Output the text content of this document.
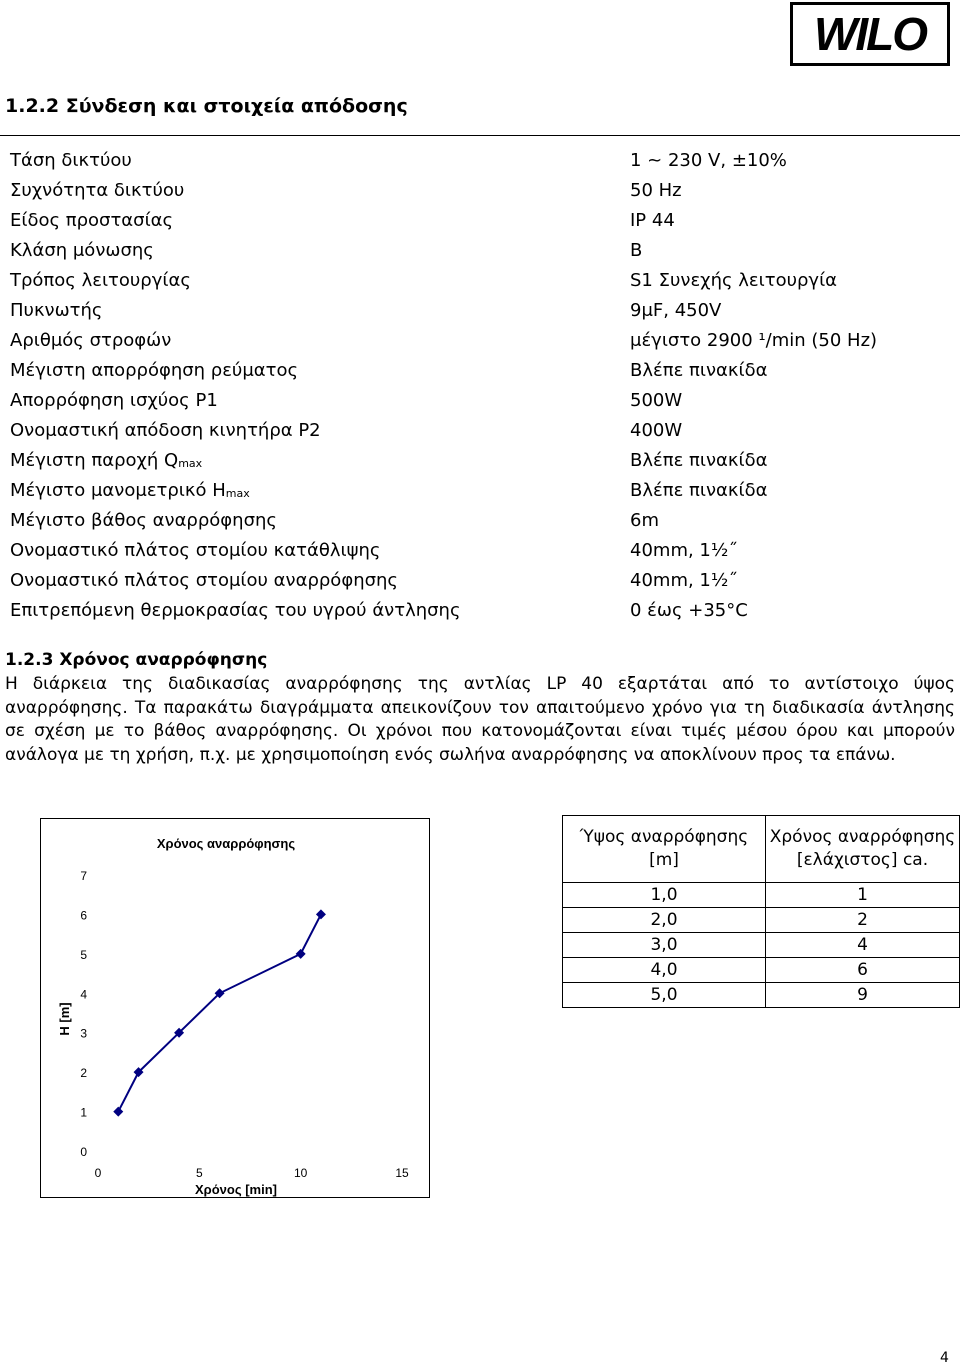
WILO
1.2.2 Σύνδεση και στοιχεία απόδοσης
Τάση δικτύου	1 ~ 230 V, ±10%
Συχνότητα δικτύου	50 Hz
Είδος προστασίας	IP 44
Κλάση μόνωσης	B
Τρόπος λειτουργίας	S1 Συνεχής λειτουργία
Πυκνωτής	9μF, 450V
Αριθμός στροφών	μέγιστο 2900 ¹/min (50 Hz)
Μέγιστη απορρόφηση ρεύματος	Βλέπε πινακίδα
Απορρόφηση ισχύος P1	500W
Ονομαστική απόδοση κινητήρα P2	400W
Μέγιστη παροχή $Q_{max}$	Βλέπε πινακίδα
Μέγιστο μανομετρικό $H_{max}$	Βλέπε πινακίδα
Μέγιστο βάθος αναρρόφησης	6m
Ονομαστικό πλάτος στομίου κατάθλιψης	40mm, 1½˝
Ονομαστικό πλάτος στομίου αναρρόφησης	40mm, 1½˝
Επιτρεπόμενη θερμοκρασίας του υγρού άντλησης	0 έως +35°C
1.2.3 Χρόνος αναρρόφησης
Η διάρκεια της διαδικασίας αναρρόφησης της αντλίας LP 40 εξαρτάται από το αντίστοιχο ύψος αναρρόφησης. Τα παρακάτω διαγράμματα απεικονίζουν τον απαιτούμενο χρόνο για τη διαδικασία άντλησης σε σχέση με το βάθος αναρρόφησης. Οι χρόνοι που κατονομάζονται είναι τιμές μέσου όρου και μπορούν ανάλογα με τη χρήση, π.χ. με χρησιμοποίηση ενός σωλήνα αναρρόφησης να αποκλίνουν προς τα επάνω.
Χρόνος αναρρόφησης
0
1
2
3
4
5
6
7
0	5	10	15
Χρόνος [min]
H [m]
Ύψος αναρρόφησης [m]	Χρόνος αναρρόφησης [ελάχιστος] ca.
1,0	1
2,0	2
3,0	4
4,0	6
5,0	9
4
